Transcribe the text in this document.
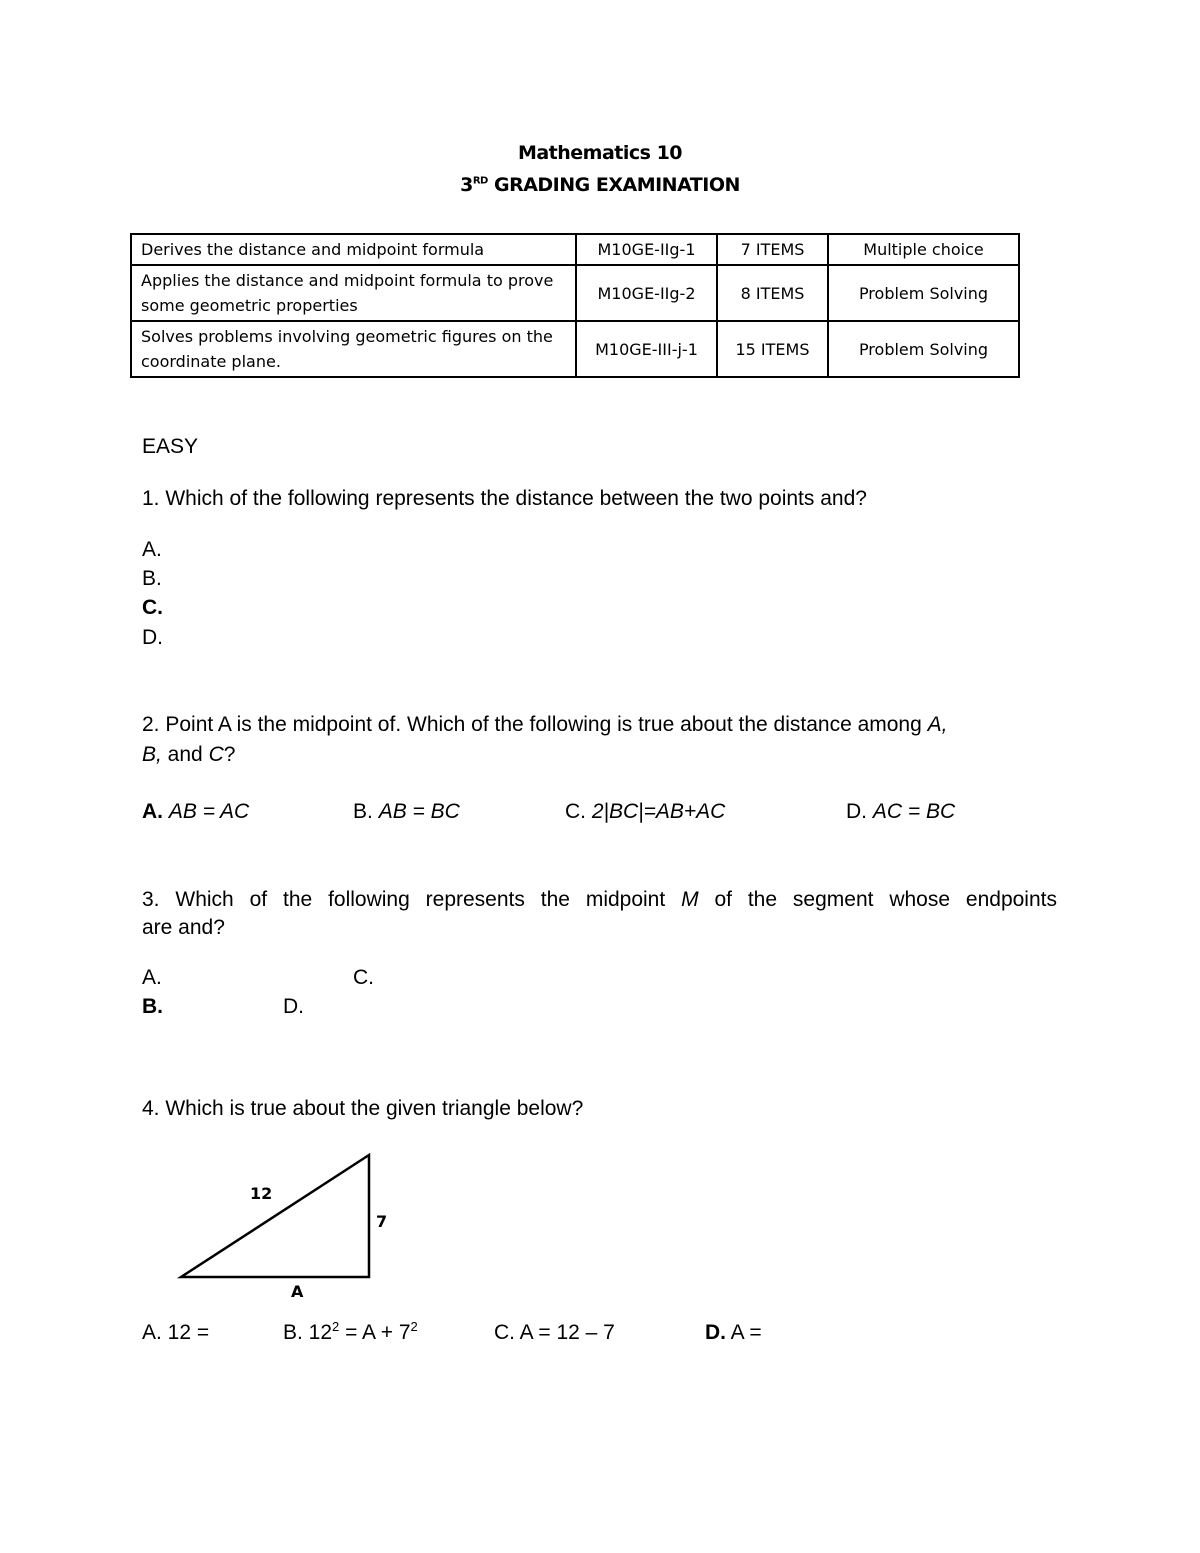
Mathematics 10
3RD GRADING EXAMINATION
Derives the distance and midpoint formula	M10GE-IIg-1	7 ITEMS	Multiple choice
Applies the distance and midpoint formula to prove some geometric properties	M10GE-IIg-2	8 ITEMS	Problem Solving
Solves problems involving geometric figures on the coordinate plane.	M10GE-III-j-1	15 ITEMS	Problem Solving
EASY
1. Which of the following represents the distance between the two points and?
A.
B.
C.
D.
2. Point A is the midpoint of. Which of the following is true about the distance among A,
B, and C?
A. AB = AC	B. AB = BC	C. 2|BC|=AB+AC	D. AC = BC
3. Which of the following represents the midpoint M of the segment whose endpoints
are and?
A.	C.
B.	D.
4. Which is true about the given triangle below?
12
7
A
A. 12 =	B. $12^2 = A + 7^2$	C. A = 12 – 7	D. A =
